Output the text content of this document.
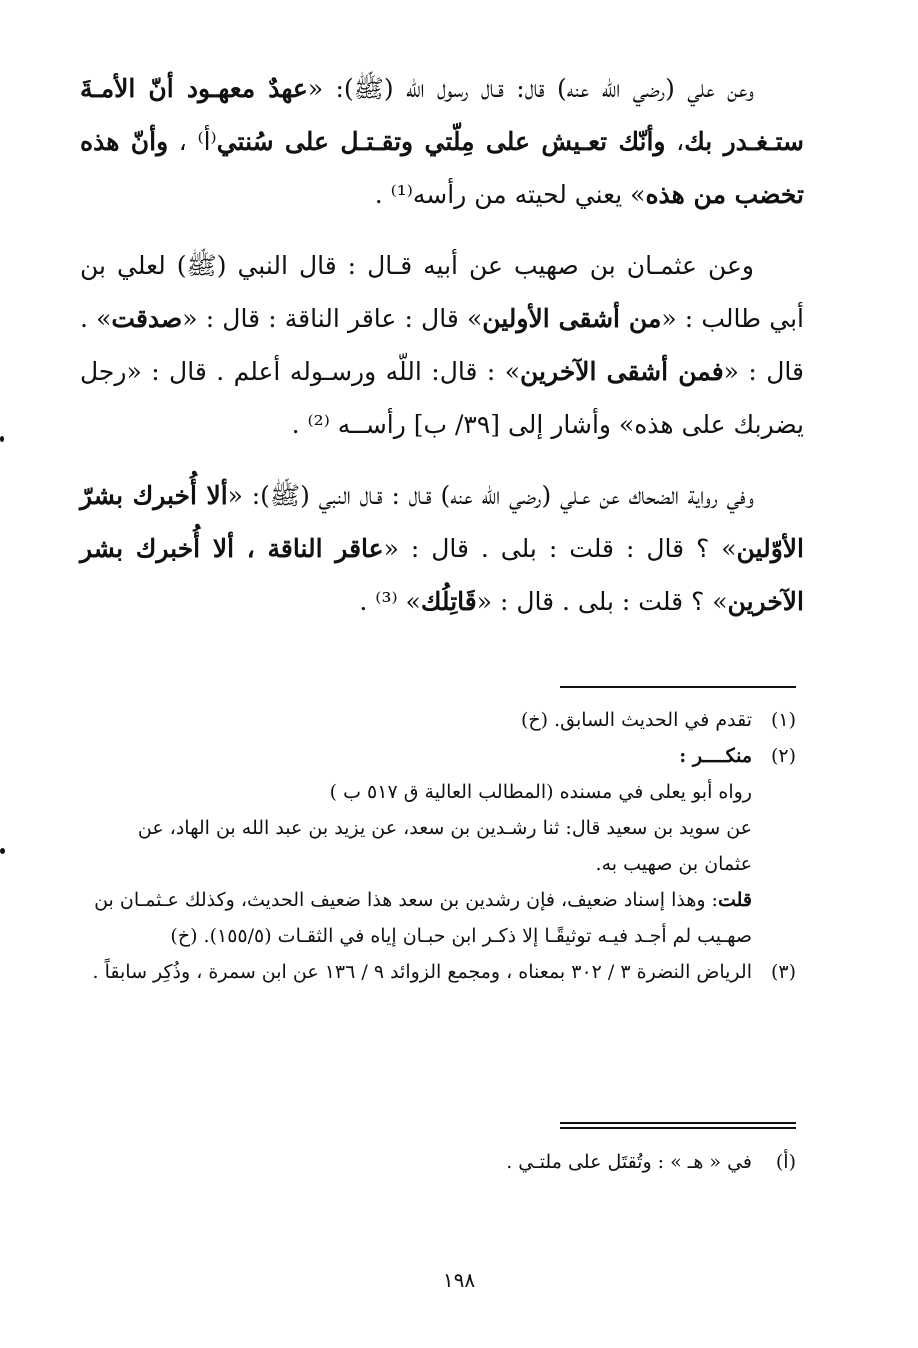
وعن علي (رضي الله عنه) قال: قـال رسول الله (ﷺ): «عهدٌ معهـود أنّ الأمـةَ ستـغـدر بك، وأنّك تعـيش على مِلّتي وتقـتـل على سُنتي⁽أ⁾ ، وأنّ هذه تخضب من هذه» يعني لحيته من رأسه⁽¹⁾ .

وعن عثمـان بن صهيب عن أبيه قـال : قال النبي (ﷺ) لعلي بن أبي طالب : «من أشقى الأولين» قال : عاقر الناقة : قال : «صدقت» . قال : «فمن أشقى الآخرين» : قال: اللّه ورسـوله أعلم . قال : «رجل يضربك على هذه» وأشار إلى [٣٩/ ب] رأســه ⁽²⁾ .

وفي رواية الضحاك عن عـلي (رضي اللّه عنه) قـال : قـال النبي (ﷺ): «ألا أُخبرك بشرّ الأوّلين» ؟ قال : قلت : بلى . قال : «عاقر الناقة ، ألا أُخبرك بشر الآخرين» ؟ قلت : بلى . قال : «قَاتِلُك» ⁽³⁾ .

(١)
تقدم في الحديث السابق. (خ)
(٢)
منكــــر :
رواه أبو يعلى في مسنده (المطالب العالية ق ٥١٧ ب )
عن سويد بن سعيد قال: ثنا رشـدين بن سعد، عن يزيد بن عبد الله بن الهاد، عن عثمان بن صهيب به.
قلت: وهذا إسناد ضعيف، فإن رشدين بن سعد هذا ضعيف الحديث، وكذلك عـثمـان بن صهـيب لم أجـد فيـه توثيقًـا إلا ذكـر ابن حبـان إياه في الثقـات (١٥٥/٥). (خ)
(٣)
الرياض النضرة ٣ / ٣٠٢ بمعناه ، ومجمع الزوائد ٩ / ١٣٦ عن ابن سمرة ، وذُكِر سابقاً .
(أ)
في « هـ » : وتُقتَل على ملتـي .
١٩٨
